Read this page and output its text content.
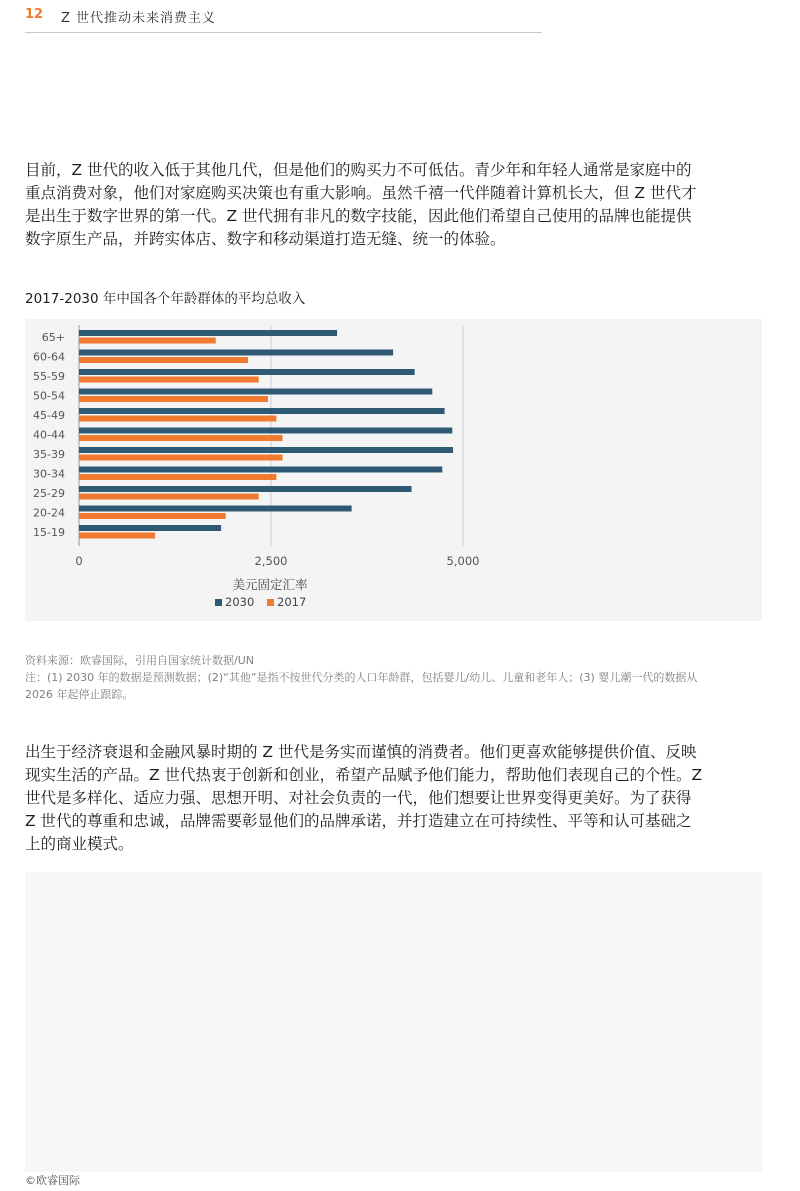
12 Z 世代推动未来消费主义

目前，Z 世代的收入低于其他几代，但是他们的购买力不可低估。青少年和年轻人通常是家庭中的

重点消费对象，他们对家庭购买决策也有重大影响。虽然千禧一代伴随着计算机长大，但 Z 世代才

是出生于数字世界的第一代。Z 世代拥有非凡的数字技能，因此他们希望自己使用的品牌也能提供

数字原生产品，并跨实体店、数字和移动渠道打造无缝、统一的体验。

2017-2030 年中国各个年龄群体的平均总收入
65+
60-64
55-59
50-54
45-49
40-44
35-39
30-34
25-29
20-24
15-19
0	2,500	5,000
美元固定汇率
2030 2017
资料来源：欧睿国际，引用自国家统计数据/UN
注：(1) 2030 年的数据是预测数据；(2)“其他”是指不按世代分类的人口年龄群，包括婴儿/幼儿、儿童和老年人；(3) 婴儿潮一代的数据从
2026 年起停止跟踪。

出生于经济衰退和金融风暴时期的 Z 世代是务实而谨慎的消费者。他们更喜欢能够提供价值、反映

现实生活的产品。Z 世代热衷于创新和创业，希望产品赋予他们能力，帮助他们表现自己的个性。Z

世代是多样化、适应力强、思想开明、对社会负责的一代，他们想要让世界变得更美好。为了获得

Z 世代的尊重和忠诚，品牌需要彰显他们的品牌承诺，并打造建立在可持续性、平等和认可基础之

上的商业模式。

©欧睿国际
